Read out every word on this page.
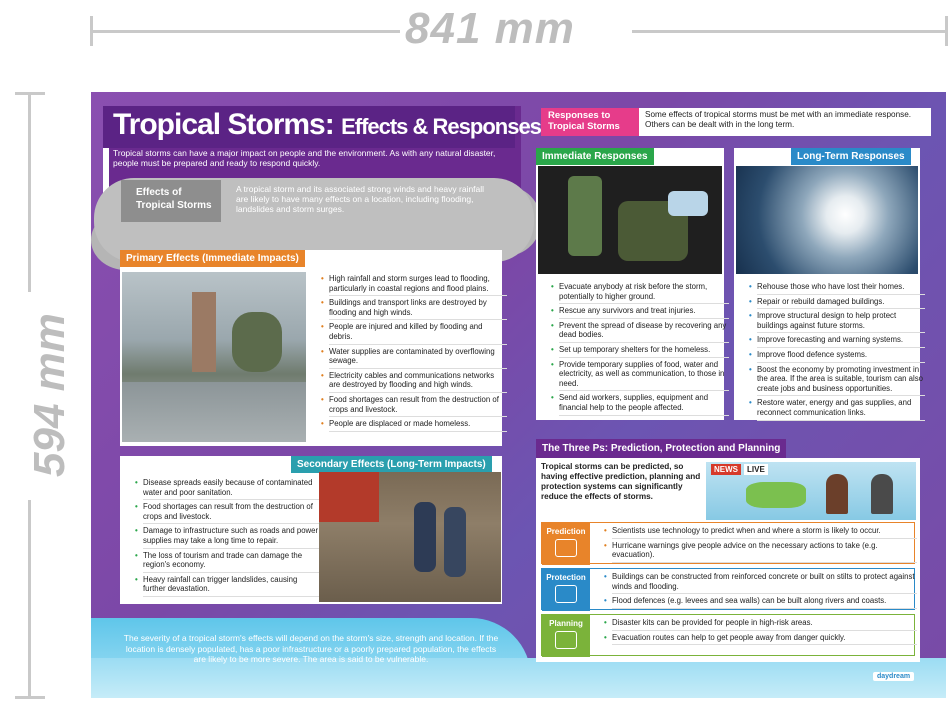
841 mm
594 mm
Tropical Storms: Effects & Responses
Tropical storms can have a major impact on people and the environment. As with any natural disaster, people must be prepared and ready to respond quickly.
Effects of
Tropical Storms
A tropical storm and its associated strong winds and heavy rainfall are likely to have many effects on a location, including flooding, landslides and storm surges.
Primary Effects (Immediate Impacts)
• High rainfall and storm surges lead to flooding, particularly in coastal regions and flood plains.
• Buildings and transport links are destroyed by flooding and high winds.
• People are injured and killed by flooding and debris.
• Water supplies are contaminated by overflowing sewage.
• Electricity cables and communications networks are destroyed by flooding and high winds.
• Food shortages can result from the destruction of crops and livestock.
• People are displaced or made homeless.
Secondary Effects (Long-Term Impacts)
• Disease spreads easily because of contaminated water and poor sanitation.
• Food shortages can result from the destruction of crops and livestock.
• Damage to infrastructure such as roads and power supplies may take a long time to repair.
• The loss of tourism and trade can damage the region's economy.
• Heavy rainfall can trigger landslides, causing further devastation.
The severity of a tropical storm's effects will depend on the storm's size, strength and location. If the location is densely populated, has a poor infrastructure or a poorly prepared population, the effects are likely to be more severe. The area is said to be vulnerable.
Responses to
Tropical Storms
Some effects of tropical storms must be met with an immediate response. Others can be dealt with in the long term.
Immediate Responses
• Evacuate anybody at risk before the storm, potentially to higher ground.
• Rescue any survivors and treat injuries.
• Prevent the spread of disease by recovering any dead bodies.
• Set up temporary shelters for the homeless.
• Provide temporary supplies of food, water and electricity, as well as communication, to those in need.
• Send aid workers, supplies, equipment and financial help to the people affected.
Long-Term Responses
• Rehouse those who have lost their homes.
• Repair or rebuild damaged buildings.
• Improve structural design to help protect buildings against future storms.
• Improve forecasting and warning systems.
• Improve flood defence systems.
• Boost the economy by promoting investment in the area. If the area is suitable, tourism can also create jobs and business opportunities.
• Restore water, energy and gas supplies, and reconnect communication links.
The Three Ps: Prediction, Protection and Planning
Tropical storms can be predicted, so having effective prediction, planning and protection systems can significantly reduce the effects of storms.
NEWS	LIVE
Prediction	• Scientists use technology to predict when and where a storm is likely to occur.
• Hurricane warnings give people advice on the necessary actions to take (e.g. evacuation).
Protection	• Buildings can be constructed from reinforced concrete or built on stilts to protect against winds and flooding.
• Flood defences (e.g. levees and sea walls) can be built along rivers and coasts.
Planning	• Disaster kits can be provided for people in high-risk areas.
• Evacuation routes can help to get people away from danger quickly.
daydream
